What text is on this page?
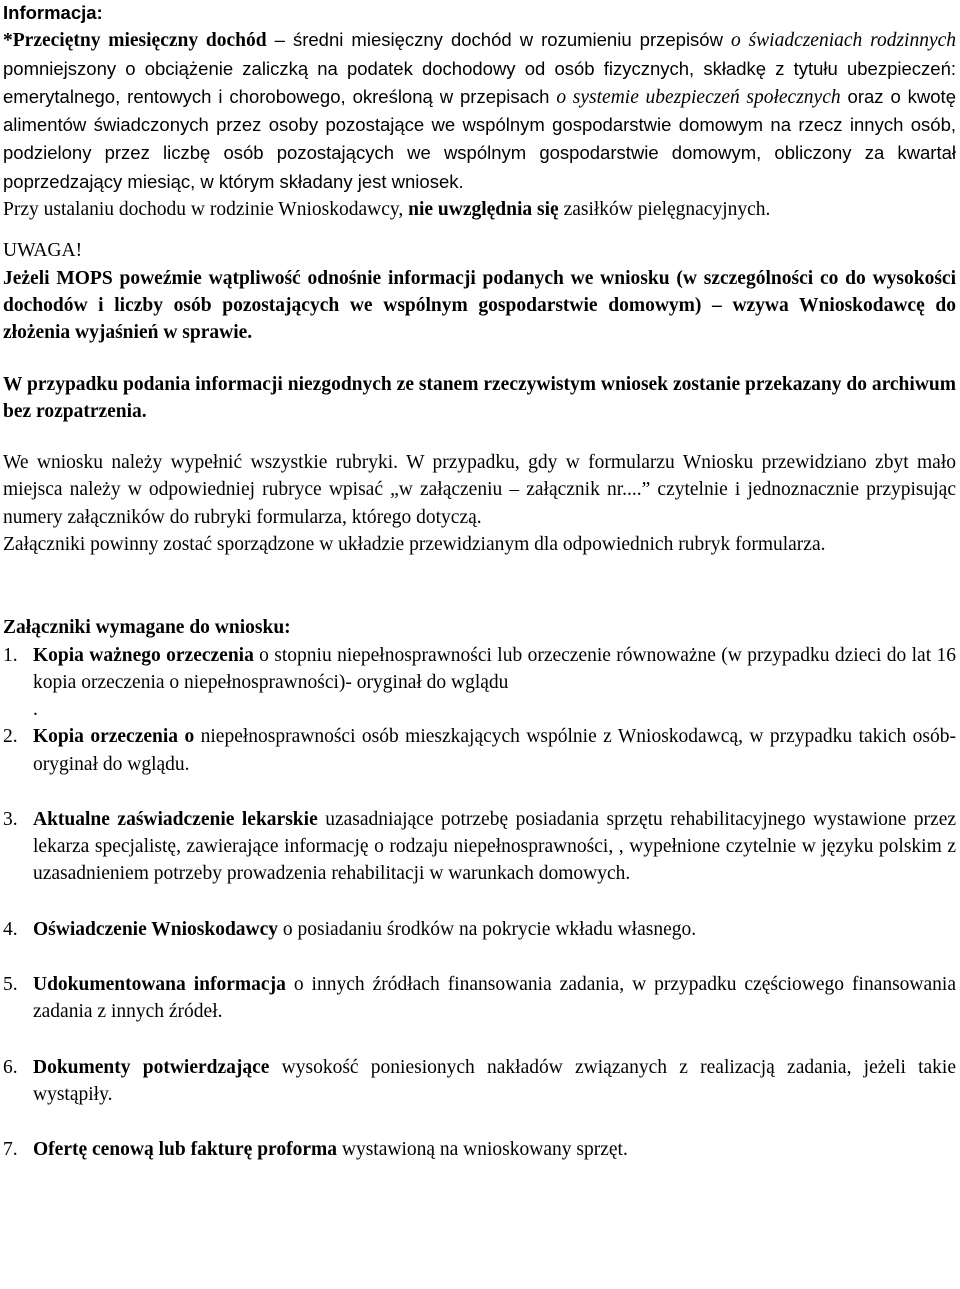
Informacja:

*Przeciętny miesięczny dochód – średni miesięczny dochód w rozumieniu przepisów o świadczeniach rodzinnych pomniejszony o obciążenie zaliczką na podatek dochodowy od osób fizycznych, składkę z tytułu ubezpieczeń: emerytalnego, rentowych i chorobowego, określoną w przepisach o systemie ubezpieczeń społecznych oraz o kwotę alimentów świadczonych przez osoby pozostające we wspólnym gospodarstwie domowym na rzecz innych osób, podzielony przez liczbę osób pozostających we wspólnym gospodarstwie domowym, obliczony za kwartał poprzedzający miesiąc, w którym składany jest wniosek.

Przy ustalaniu dochodu w rodzinie Wnioskodawcy, nie uwzględnia się zasiłków pielęgnacyjnych.

UWAGA!

Jeżeli MOPS poweźmie wątpliwość odnośnie informacji podanych we wniosku (w szczególności co do wysokości dochodów i liczby osób pozostających we wspólnym gospodarstwie domowym) – wzywa Wnioskodawcę do złożenia wyjaśnień w sprawie.

W przypadku podania informacji niezgodnych ze stanem rzeczywistym wniosek zostanie przekazany do archiwum bez rozpatrzenia.

We wniosku należy wypełnić wszystkie rubryki. W przypadku, gdy w formularzu Wniosku przewidziano zbyt mało miejsca należy w odpowiedniej rubryce wpisać „w załączeniu – załącznik nr....” czytelnie i jednoznacznie przypisując numery załączników do rubryki formularza, którego dotyczą.

Załączniki powinny zostać sporządzone w układzie przewidzianym dla odpowiednich rubryk formularza.

Załączniki wymagane do wniosku:

1. Kopia ważnego orzeczenia o stopniu niepełnosprawności lub orzeczenie równoważne (w przypadku dzieci do lat 16 kopia orzeczenia o niepełnosprawności)- oryginał do wglądu

.
2. Kopia orzeczenia o niepełnosprawności osób mieszkających wspólnie z Wnioskodawcą, w przypadku takich osób- oryginał do wglądu.

3. Aktualne zaświadczenie lekarskie uzasadniające potrzebę posiadania sprzętu rehabilitacyjnego wystawione przez lekarza specjalistę, zawierające informację o rodzaju niepełnosprawności, , wypełnione czytelnie w języku polskim z uzasadnieniem potrzeby prowadzenia rehabilitacji w warunkach domowych.

4. Oświadczenie Wnioskodawcy o posiadaniu środków na pokrycie wkładu własnego.

5. Udokumentowana informacja o innych źródłach finansowania zadania, w przypadku częściowego finansowania zadania z innych źródeł.

6. Dokumenty potwierdzające wysokość poniesionych nakładów związanych z realizacją zadania, jeżeli takie wystąpiły.

7. Ofertę cenową lub fakturę proforma wystawioną na wnioskowany sprzęt.
